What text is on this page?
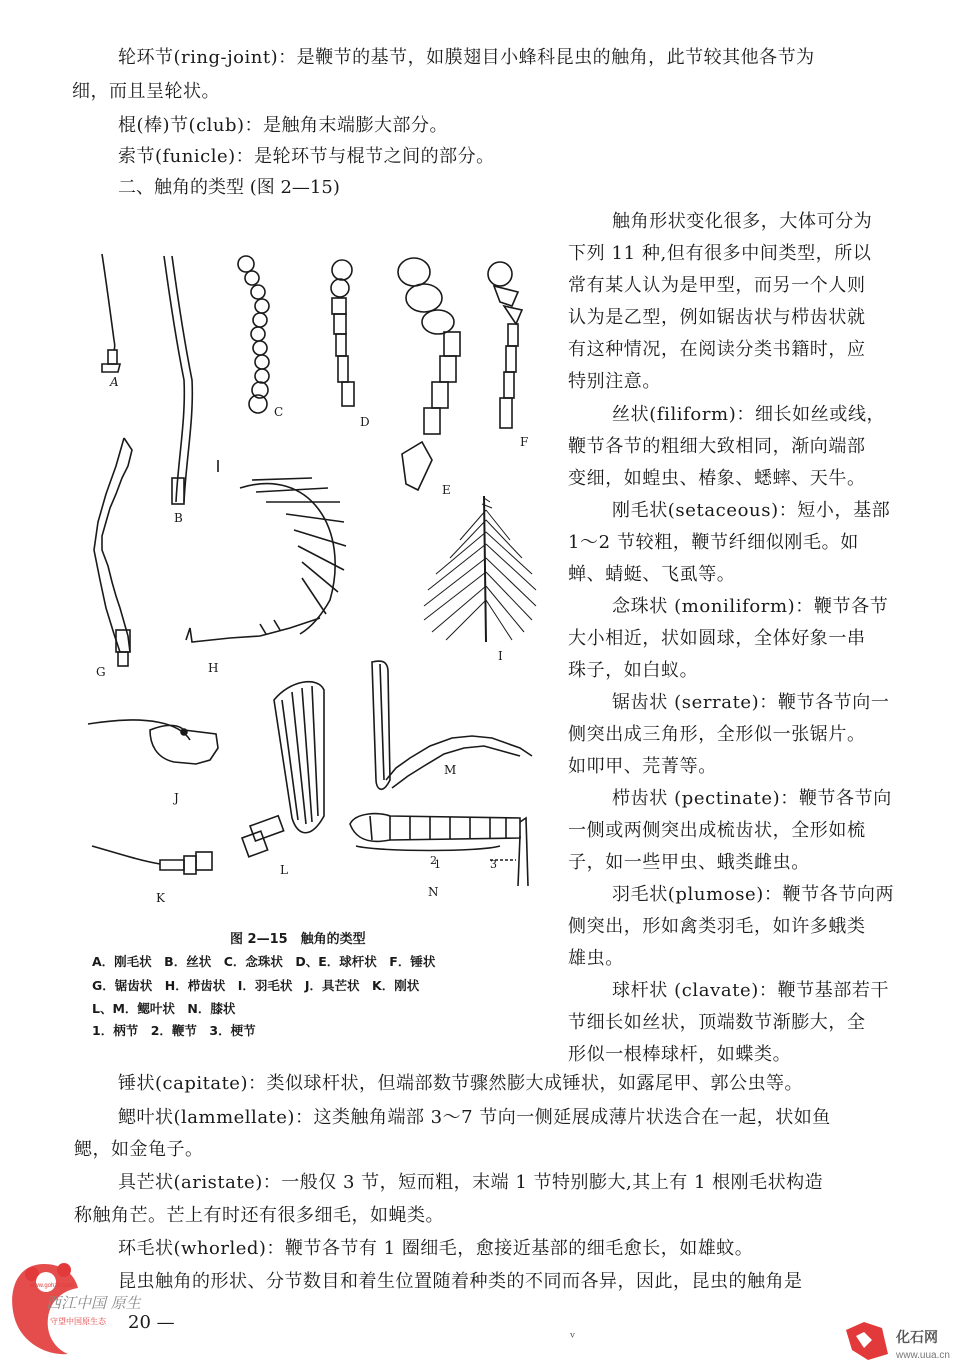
轮环节(ring-joint)：是鞭节的基节，如膜翅目小蜂科昆虫的触角，此节较其他各节为
细，而且呈轮状。
棍(棒)节(club)：是触角末端膨大部分。
索节(funicle)：是轮环节与棍节之间的部分。
二、触角的类型 (图 2—15)
触角形状变化很多，大体可分为
下列 11 种,但有很多中间类型，所以
常有某人认为是甲型，而另一个人则
认为是乙型，例如锯齿状与栉齿状就
有这种情况，在阅读分类书籍时，应
特别注意。
丝状(filiform)：细长如丝或线，
鞭节各节的粗细大致相同，渐向端部
变细，如蝗虫、椿象、蟋蟀、天牛。
刚毛状(setaceous)：短小，基部
1～2 节较粗，鞭节纤细似刚毛。如
蝉、蜻蜓、飞虱等。
念珠状 (moniliform)：鞭节各节
大小相近，状如圆球，全体好象一串
珠子，如白蚁。
锯齿状 (serrate)：鞭节各节向一
侧突出成三角形，全形似一张锯片。
如叩甲、芫菁等。
栉齿状 (pectinate)：鞭节各节向
一侧或两侧突出成梳齿状，全形如梳
子，如一些甲虫、蛾类雌虫。
羽毛状(plumose)：鞭节各节向两
侧突出，形如禽类羽毛，如许多蛾类
雄虫。
球杆状 (clavate)：鞭节基部若干
节细长如丝状，顶端数节渐膨大，全
形似一根棒球杆，如蝶类。
A
B
C
D
E
F
G	H
I
J
K
L
M
1
2	3
N
图 2—15　触角的类型
A．刚毛状　B．丝状　C．念珠状　D、E．球杆状　F．锤状
G．锯齿状　H．栉齿状　I．羽毛状　J．具芒状　K．刚状
L、M．鳃叶状　N．膝状
1．柄节　2．鞭节　3．梗节
锤状(capitate)：类似球杆状，但端部数节骤然膨大成锤状，如露尾甲、郭公虫等。
鳃叶状(lammellate)：这类触角端部 3～7 节向一侧延展成薄片状迭合在一起，状如鱼
鳃，如金龟子。
具芒状(aristate)：一般仅 3 节，短而粗，末端 1 节特别膨大,其上有 1 根刚毛状构造
称触角芒。芒上有时还有很多细毛，如蝇类。
环毛状(whorled)：鞭节各节有 1 圈细毛，愈接近基部的细毛愈长，如雄蚊。
昆虫触角的形状、分节数目和着生位置随着种类的不同而各异，因此，昆虫的触角是
20 —
ᵛ
www.gohzo.com
西江中国 原生
守望中国原生态
化石网
www.uua.cn
